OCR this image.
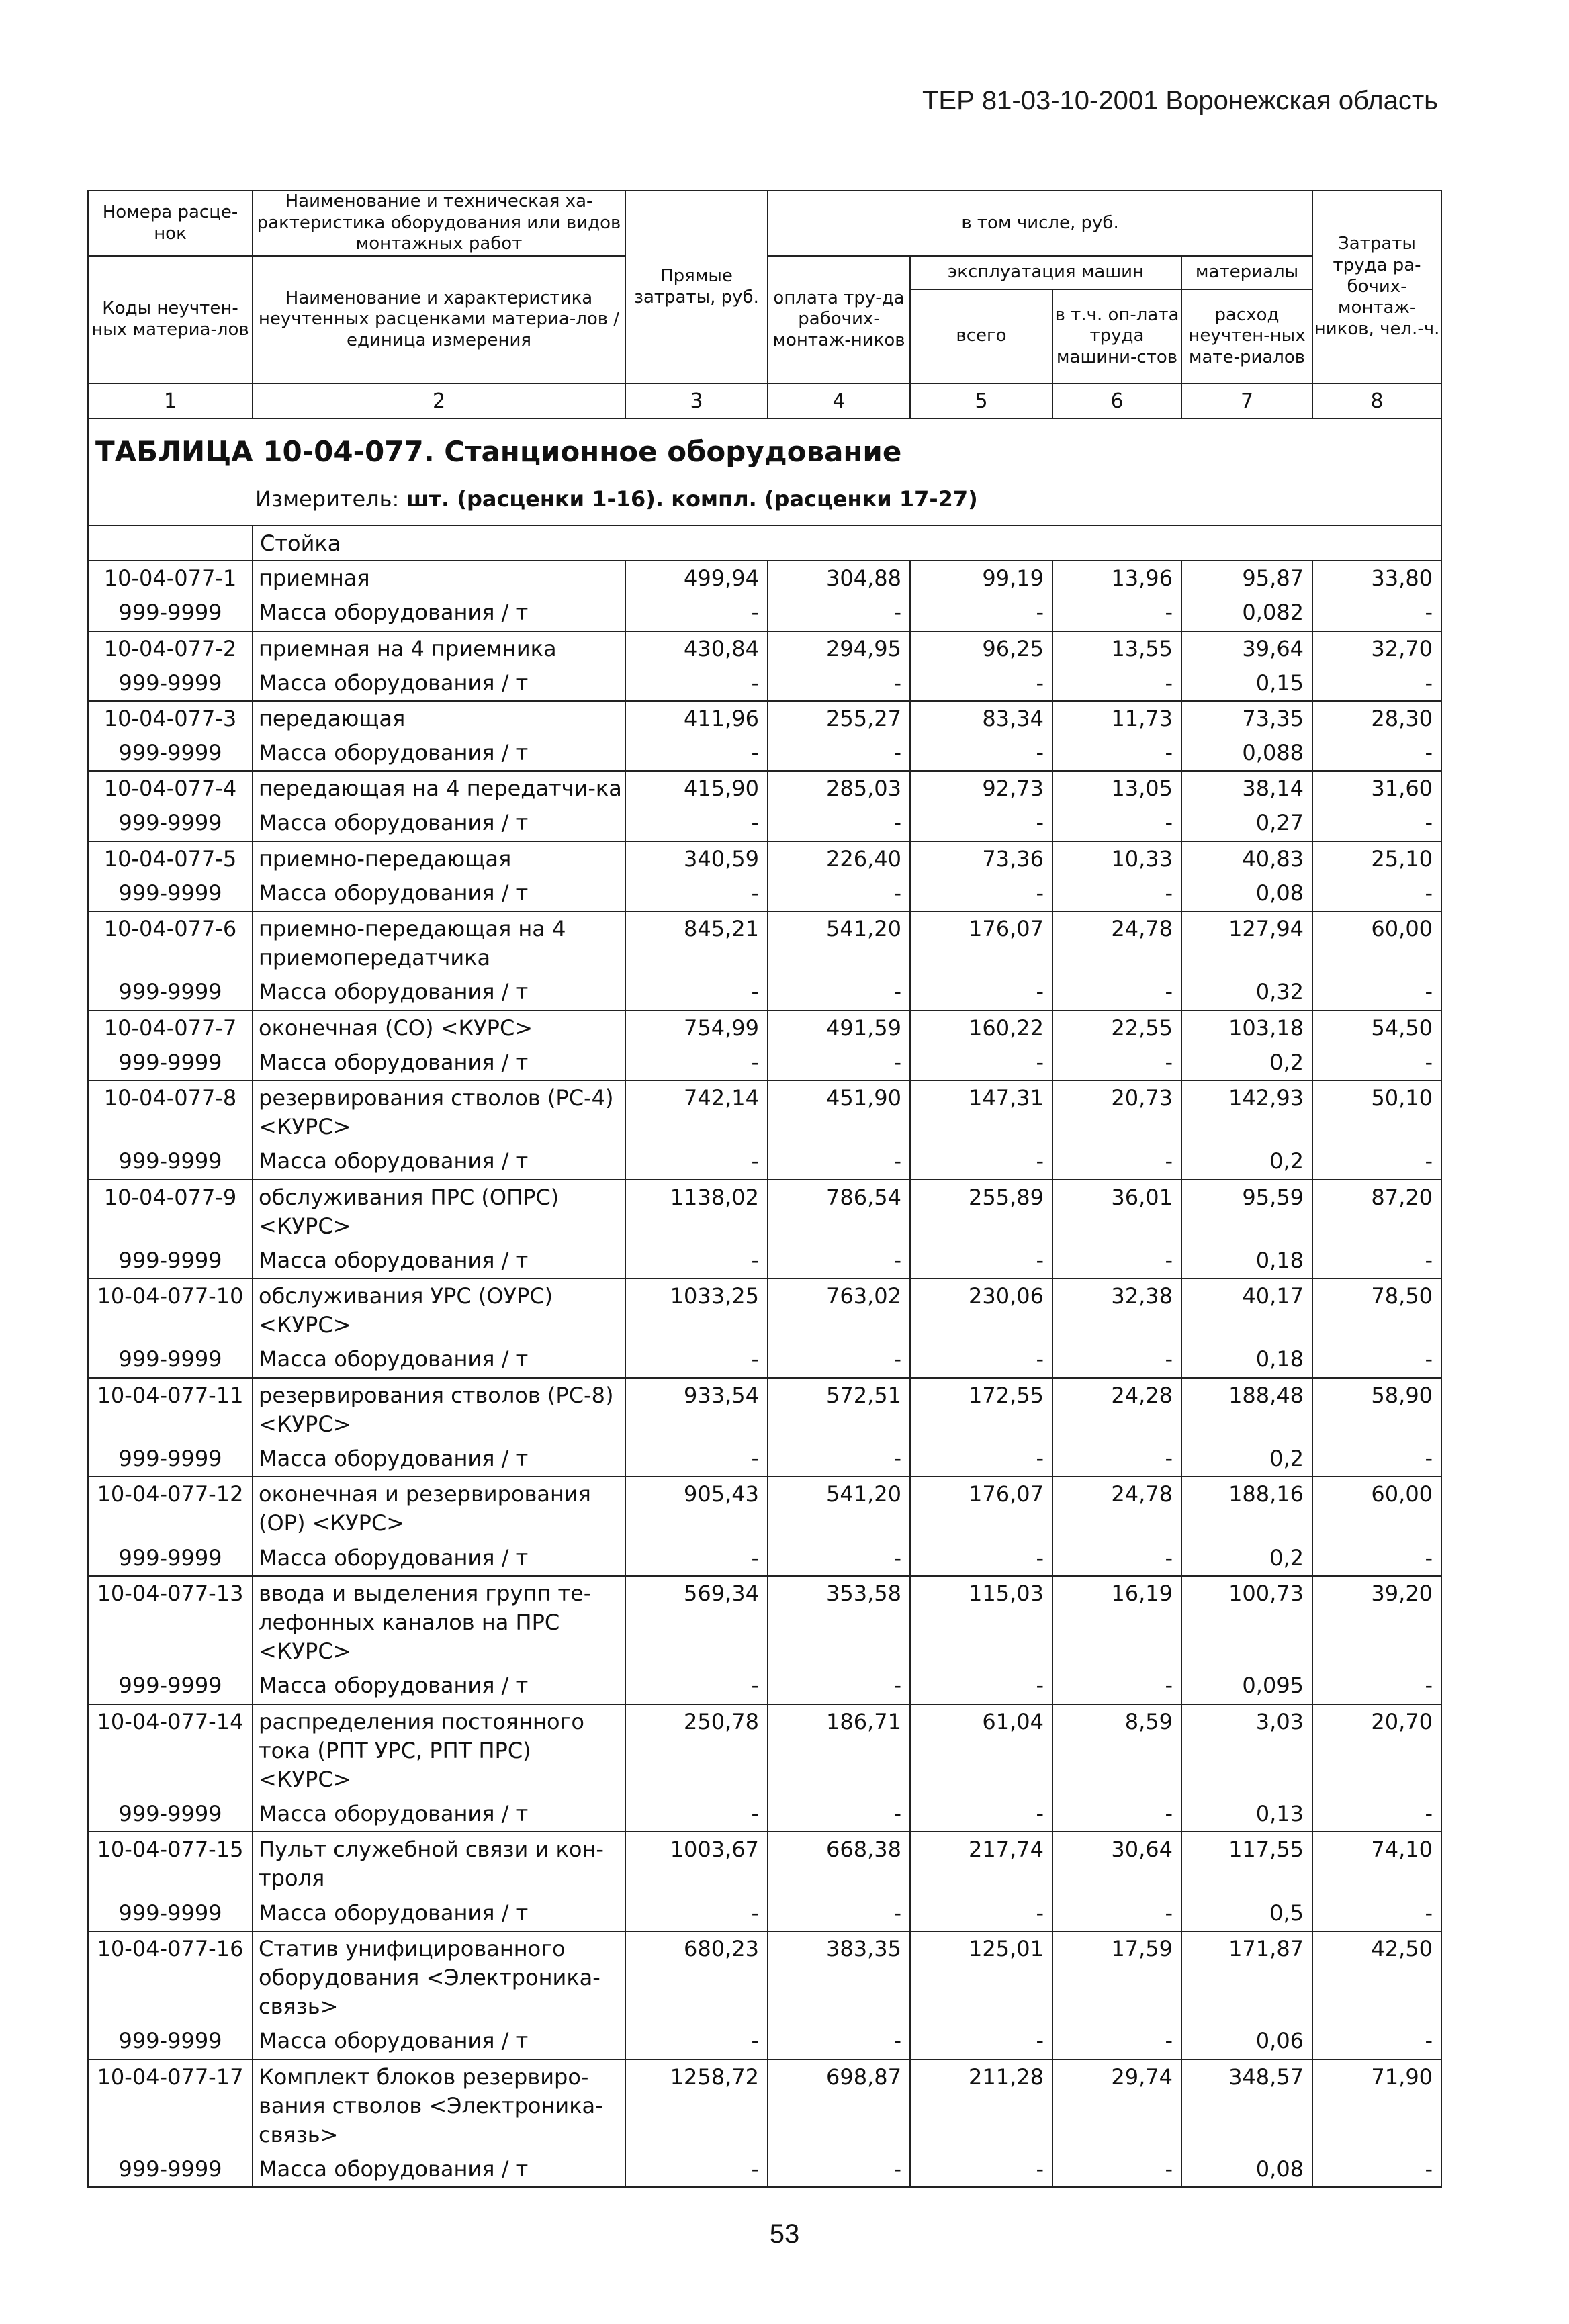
ТЕР 81-03-10-2001 Воронежская область
Номера расце-нок	Наименование и техническая ха-рактеристика оборудования или видов монтажных работ	Прямые затраты, руб.	в том числе, руб.				Затраты труда ра-бочих-монтаж-ников, чел.-ч.
Коды неучтен-ных материа-лов	Наименование и характеристика неучтенных расценками материа-лов / единица измерения		оплата тру-да рабочих-монтаж-ников	эксплуатация машин		материалы	
				всего	в т.ч. оп-лата труда машини-стов	расход неучтен-ных мате-риалов	
1	2	3	4	5	6	7	8
ТАБЛИЦА 10-04-077. Станционное оборудование							
Измеритель: шт. (расценки 1-16). компл. (расценки 17-27)							
	Стойка						
10-04-077-1	приемная	499,94	304,88	99,19	13,96	95,87	33,80
999-9999	Масса оборудования / т	-	-	-	-	0,082	-
10-04-077-2	приемная на 4 приемника	430,84	294,95	96,25	13,55	39,64	32,70
999-9999	Масса оборудования / т	-	-	-	-	0,15	-
10-04-077-3	передающая	411,96	255,27	83,34	11,73	73,35	28,30
999-9999	Масса оборудования / т	-	-	-	-	0,088	-
10-04-077-4	передающая на 4 передатчи-ка	415,90	285,03	92,73	13,05	38,14	31,60
999-9999	Масса оборудования / т	-	-	-	-	0,27	-
10-04-077-5	приемно-передающая	340,59	226,40	73,36	10,33	40,83	25,10
999-9999	Масса оборудования / т	-	-	-	-	0,08	-
10-04-077-6	приемно-передающая на 4 приемопередатчика	845,21	541,20	176,07	24,78	127,94	60,00
999-9999	Масса оборудования / т	-	-	-	-	0,32	-
10-04-077-7	оконечная (СО) <КУРС>	754,99	491,59	160,22	22,55	103,18	54,50
999-9999	Масса оборудования / т	-	-	-	-	0,2	-
10-04-077-8	резервирования стволов (РС-4) <КУРС>	742,14	451,90	147,31	20,73	142,93	50,10
999-9999	Масса оборудования / т	-	-	-	-	0,2	-
10-04-077-9	обслуживания ПРС (ОПРС) <КУРС>	1138,02	786,54	255,89	36,01	95,59	87,20
999-9999	Масса оборудования / т	-	-	-	-	0,18	-
10-04-077-10	обслуживания УРС (ОУРС) <КУРС>	1033,25	763,02	230,06	32,38	40,17	78,50
999-9999	Масса оборудования / т	-	-	-	-	0,18	-
10-04-077-11	резервирования стволов (РС-8) <КУРС>	933,54	572,51	172,55	24,28	188,48	58,90
999-9999	Масса оборудования / т	-	-	-	-	0,2	-
10-04-077-12	оконечная и резервирования (ОР) <КУРС>	905,43	541,20	176,07	24,78	188,16	60,00
999-9999	Масса оборудования / т	-	-	-	-	0,2	-
10-04-077-13	ввода и выделения групп те-лефонных каналов на ПРС <КУРС>	569,34	353,58	115,03	16,19	100,73	39,20
999-9999	Масса оборудования / т	-	-	-	-	0,095	-
10-04-077-14	распределения постоянного тока (РПТ УРС, РПТ ПРС) <КУРС>	250,78	186,71	61,04	8,59	3,03	20,70
999-9999	Масса оборудования / т	-	-	-	-	0,13	-
10-04-077-15	Пульт служебной связи и кон-троля	1003,67	668,38	217,74	30,64	117,55	74,10
999-9999	Масса оборудования / т	-	-	-	-	0,5	-
10-04-077-16	Статив унифицированного оборудования <Электроника-связь>	680,23	383,35	125,01	17,59	171,87	42,50
999-9999	Масса оборудования / т	-	-	-	-	0,06	-
10-04-077-17	Комплект блоков резервиро-вания стволов <Электроника-связь>	1258,72	698,87	211,28	29,74	348,57	71,90
999-9999	Масса оборудования / т	-	-	-	-	0,08	-
53
